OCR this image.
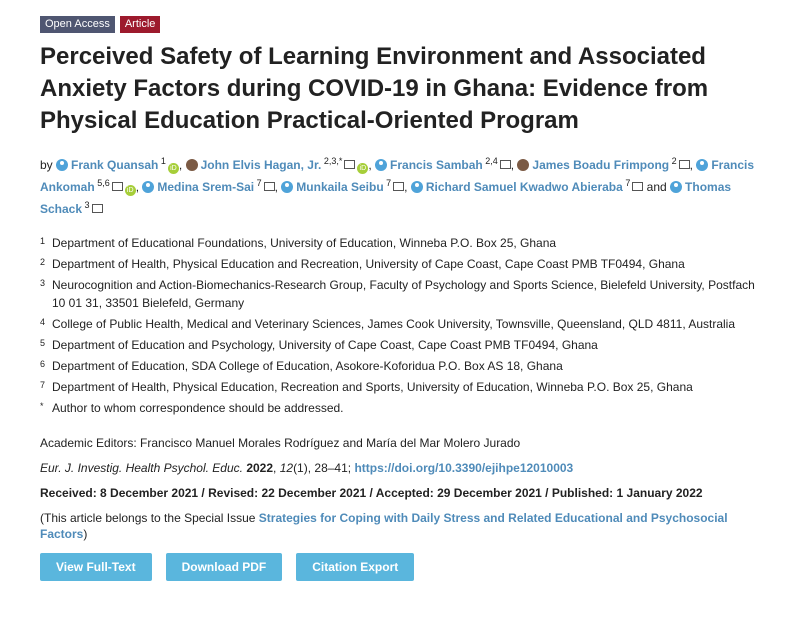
Open Access	Article
Perceived Safety of Learning Environment and Associated Anxiety Factors during COVID-19 in Ghana: Evidence from Physical Education Practical-Oriented Program
by Frank Quansah $^1$iD , John Elvis Hagan, Jr. $^{2,3,*}$iD , Francis Sambah $^{2,4}$ , James Boadu Frimpong $^2$ , Francis Ankomah $^{5,6}$iD , Medina Srem-Sai $^7$ , Munkaila Seibu $^7$ , Richard Samuel Kwadwo Abieraba $^7$ and Thomas Schack $^3$
1 Department of Educational Foundations, University of Education, Winneba P.O. Box 25, Ghana
2 Department of Health, Physical Education and Recreation, University of Cape Coast, Cape Coast PMB TF0494, Ghana
3 Neurocognition and Action-Biomechanics-Research Group, Faculty of Psychology and Sports Science, Bielefeld University, Postfach 10 01 31, 33501 Bielefeld, Germany
4 College of Public Health, Medical and Veterinary Sciences, James Cook University, Townsville, Queensland, QLD 4811, Australia
5 Department of Education and Psychology, University of Cape Coast, Cape Coast PMB TF0494, Ghana
6 Department of Education, SDA College of Education, Asokore-Koforidua P.O. Box AS 18, Ghana
7 Department of Health, Physical Education, Recreation and Sports, University of Education, Winneba P.O. Box 25, Ghana
* Author to whom correspondence should be addressed.
Academic Editors: Francisco Manuel Morales Rodríguez and María del Mar Molero Jurado
Eur. J. Investig. Health Psychol. Educ. 2022, 12(1), 28–41; https://doi.org/10.3390/ejihpe12010003
Received: 8 December 2021 / Revised: 22 December 2021 / Accepted: 29 December 2021 / Published: 1 January 2022
(This article belongs to the Special Issue Strategies for Coping with Daily Stress and Related Educational and Psychosocial Factors)
View Full-Text	Download PDF	Citation Export
